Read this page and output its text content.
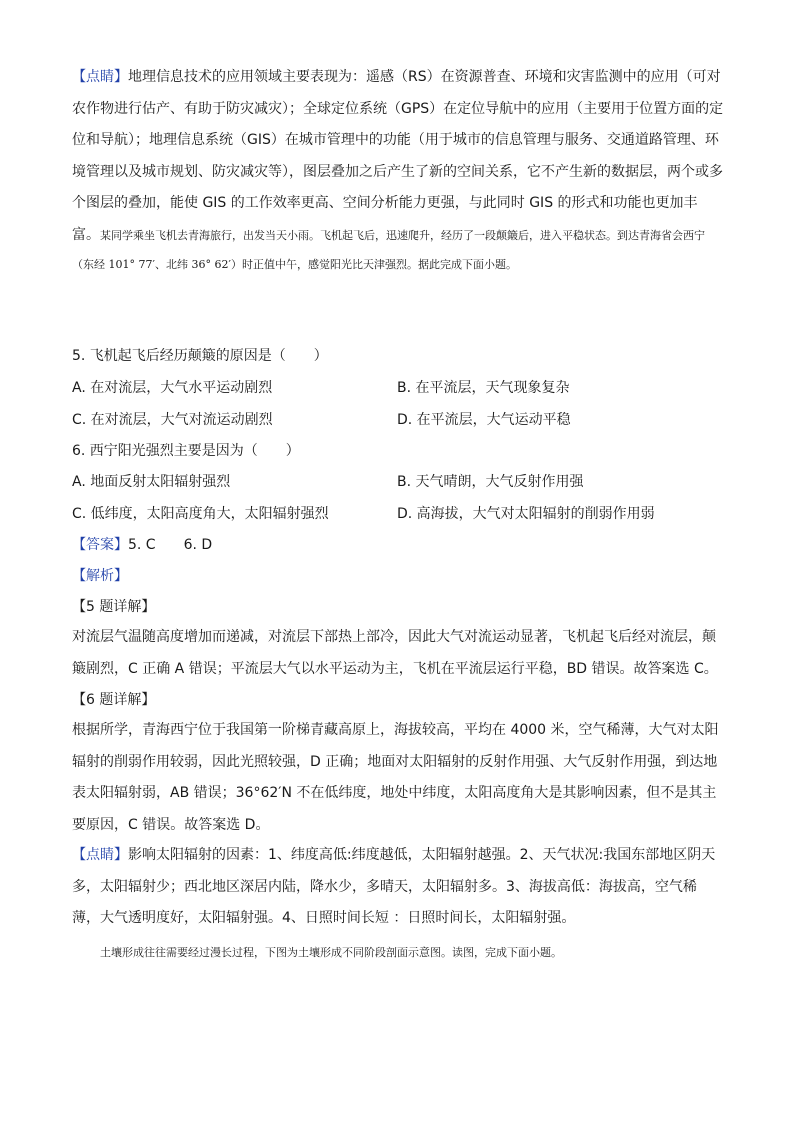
【点睛】地理信息技术的应用领域主要表现为：遥感（RS）在资源普查、环境和灾害监测中的应用（可对农作物进行估产、有助于防灾减灾）；全球定位系统（GPS）在定位导航中的应用（主要用于位置方面的定位和导航）；地理信息系统（GIS）在城市管理中的功能（用于城市的信息管理与服务、交通道路管理、环境管理以及城市规划、防灾减灾等），图层叠加之后产生了新的空间关系，它不产生新的数据层，两个或多个图层的叠加，能使 GIS 的工作效率更高、空间分析能力更强，与此同时 GIS 的形式和功能也更加丰富。 某同学乘坐飞机去青海旅行，出发当天小雨。飞机起飞后，迅速爬升，经历了一段颠簸后，进入平稳状态。到达青海省会西宁（东经 101° 77′、北纬 36° 62′）时正值中午，感觉阳光比天津强烈。据此完成下面小题。

5. 飞机起飞后经历颠簸的原因是（　　）
A. 在对流层，大气水平运动剧烈	B. 在平流层，天气现象复杂
C. 在对流层，大气对流运动剧烈	D. 在平流层，大气运动平稳
6. 西宁阳光强烈主要是因为（　　）
A. 地面反射太阳辐射强烈	B. 天气晴朗，大气反射作用强
C. 低纬度，太阳高度角大，太阳辐射强烈	D. 高海拔，大气对太阳辐射的削弱作用弱
【答案】5. C　　6. D
【解析】
【5 题详解】

对流层气温随高度增加而递减，对流层下部热上部冷，因此大气对流运动显著，飞机起飞后经对流层，颠簸剧烈，C 正确 A 错误；平流层大气以水平运动为主，飞机在平流层运行平稳，BD 错误。故答案选 C。

【6 题详解】

根据所学，青海西宁位于我国第一阶梯青藏高原上，海拔较高，平均在 4000 米，空气稀薄，大气对太阳辐射的削弱作用较弱，因此光照较强，D 正确；地面对太阳辐射的反射作用强、大气反射作用强，到达地表太阳辐射弱，AB 错误；36°62′N 不在低纬度，地处中纬度，太阳高度角大是其影响因素，但不是其主要原因，C 错误。故答案选 D。

【点睛】影响太阳辐射的因素：1、纬度高低:纬度越低，太阳辐射越强。2、天气状况:我国东部地区阴天多，太阳辐射少；西北地区深居内陆，降水少，多晴天，太阳辐射多。3、海拔高低：海拔高，空气稀薄，大气透明度好，太阳辐射强。4、日照时间长短 ：日照时间长，太阳辐射强。

土壤形成往往需要经过漫长过程，下图为土壤形成不同阶段剖面示意图。读图，完成下面小题。
